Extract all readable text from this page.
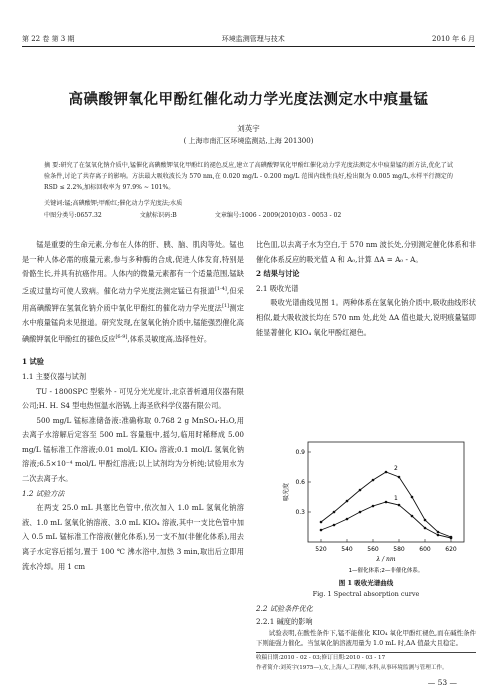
第 22 卷 第 3 期	环境监测管理与技术	2010 年 6 月
高碘酸钾氧化甲酚红催化动力学光度法测定水中痕量锰
刘英宇
( 上海市南汇区环境监测站,上海 201300)
摘 要:研究了在氢氧化钠介质中,锰催化高碘酸钾氧化甲酚红的褪色反应,建立了高碘酸钾氧化甲酚红催化动力学光度法测定水中痕量锰的新方法,优化了试验条件,讨论了共存离子的影响。方法最大吸收波长为 570 nm,在 0.020 mg/L - 0.200 mg/L 范围内线性良好,检出限为 0.005 mg/L,水样平行测定的 RSD ≤ 2.2%,加标回收率为 97.9% ~ 101%。
关键词:锰;高碘酸钾;甲酚红;催化动力学光度法;水质
中图分类号:0657.32	文献标识码:B	文章编号:1006 - 2009(2010)03 - 0053 - 02

锰是重要的生命元素,分布在人体的肝、胰、脑、肌肉等处。锰也是一种人体必需的痕量元素,参与多种酶的合成,促进人体发育,特别是骨骼生长,并具有抗癌作用。人体内的微量元素都有一个适量范围,锰缺乏或过量均可使人致病。催化动力学光度法测定锰已有报道[1-4],但采用高碘酸钾在氢氧化钠介质中氧化甲酚红的催化动力学光度法[1]测定水中痕量锰尚未见报道。研究发现,在氢氧化钠介质中,锰能强烈催化高碘酸钾氧化甲酚红的褪色反应[6-9],体系灵敏度高,选择性好。

1 试验

1.1 主要仪器与试剂

TU - 1800SPC 型紫外 - 可见分光光度计,北京普析通用仪器有限公司;H. H. S4 型电热恒温水浴锅,上海圣欣科学仪器有限公司。

500 mg/L 锰标准储备液:准确称取 0.768 2 g MnSO₄·H₂O,用去离子水溶解后定容至 500 mL 容量瓶中,摇匀,临用时稀释成 5.00 mg/L 锰标准工作溶液;0.01 mol/L KIO₄ 溶液;0.1 mol/L 氢氧化钠溶液;6.5×10⁻⁴ mol/L 甲酚红溶液;以上试剂均为分析纯;试验用水为二次去离子水。

1.2 试验方法

在两支 25.0 mL 具塞比色管中,依次加入 1.0 mL 氢氧化钠溶液、1.0 mL 氢氧化钠溶液、3.0 mL KIO₄ 溶液,其中一支比色管中加入 0.5 mL 锰标准工作溶液(催化体系),另一支不加(非催化体系),用去离子水定容后摇匀,置于 100 ℃ 沸水浴中,加热 3 min,取出后立即用流水冷却。用 1 cm

比色皿,以去离子水为空白,于 570 nm 波长处,分别测定催化体系和非催化体系反应的吸光值 A 和 A₀,计算 ΔA = A₀ - A。

2 结果与讨论

2.1 吸收光谱

吸收光谱曲线见图 1。两种体系在氢氧化钠介质中,吸收曲线形状相似,最大吸收波长均在 570 nm 处,此处 ΔA 值也最大,说明痕量锰即能显著催化 KIO₄ 氧化甲酚红褪色。

520 540 560 580 600 620
0.3
0.6
0.9
λ / nm
吸光度	1
2
1—催化体系;2—非催化体系。
图 1 吸收光谱曲线
Fig. 1 Spectral absorption curve

2.2 试验条件优化

2.2.1 碱度的影响

试验表明,在酸性条件下,锰不能催化 KIO₄ 氧化甲酚红褪色,而在碱性条件下则能强力催化。当氢氧化钠溶液用量为 1.0 mL 时,ΔA 值最大且稳定。

收稿日期:2010 - 02 - 03;修订日期:2010 - 03 - 17
作者简介:刘英宇(1975—),女,上海人,工程师,本科,从事环境监测与管理工作。
— 53 —
